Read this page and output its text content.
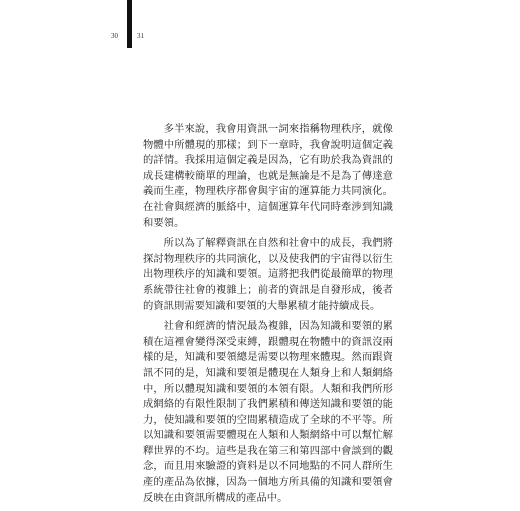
30	31

多半來說，我會用資訊一詞來指稱物理秩序，就像物體中所體現的那樣；到下一章時，我會說明這個定義的詳情。我採用這個定義是因為，它有助於我為資訊的成長建構較簡單的理論，也就是無論是不是為了傳達意義而生產，物理秩序都會與宇宙的運算能力共同演化。在社會與經濟的脈絡中，這個運算年代同時牽涉到知識和要領。

所以為了解釋資訊在自然和社會中的成長，我們將探討物理秩序的共同演化，以及使我們的宇宙得以衍生出物理秩序的知識和要領。這將把我們從最簡單的物理系統帶往社會的複雜上；前者的資訊是自發形成，後者的資訊則需要知識和要領的大舉累積才能持續成長。

社會和經濟的情況最為複雜，因為知識和要領的累積在這裡會變得深受束縛，跟體現在物體中的資訊沒兩樣的是，知識和要領總是需要以物理來體現。然而跟資訊不同的是，知識和要領是體現在人類身上和人類網絡中，所以體現知識和要領的本領有限。人類和我們所形成網絡的有限性限制了我們累積和傳送知識和要領的能力，使知識和要領的空間累積造成了全球的不平等。所以知識和要領需要體現在人類和人類網絡中可以幫忙解釋世界的不均。這些是我在第三和第四部中會談到的觀念，而且用來驗證的資料是以不同地點的不同人群所生產的產品為依據，因為一個地方所具備的知識和要領會反映在由資訊所構成的產品中。
